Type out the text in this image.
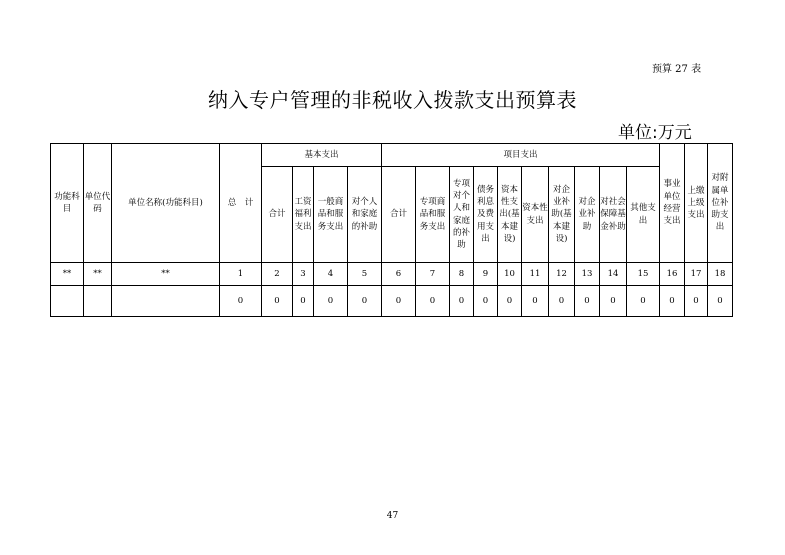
预算 27 表
纳入专户管理的非税收入拨款支出预算表
单位:万元
功能科目	单位代码	单位名称(功能科目)	总　计	基本支出				项目支出										事业单位经营支出	上缴上级支出	对附属单位补助支出
				合计	工资福利支出	一般商品和服务支出	对个人和家庭的补助	合计	专项商品和服务支出	专项对个人和家庭的补助	债务利息及费用支出	资本性支出(基本建设)	资本性支出	对企业补助(基本建设)	对企业补助	对社会保障基金补助	其他支出			
**	**	**	1	2	3	4	5	6	7	8	9	10	11	12	13	14	15	16	17	18
			0	0	0	0	0	0	0	0	0	0	0	0	0	0	0	0	0	0
47
